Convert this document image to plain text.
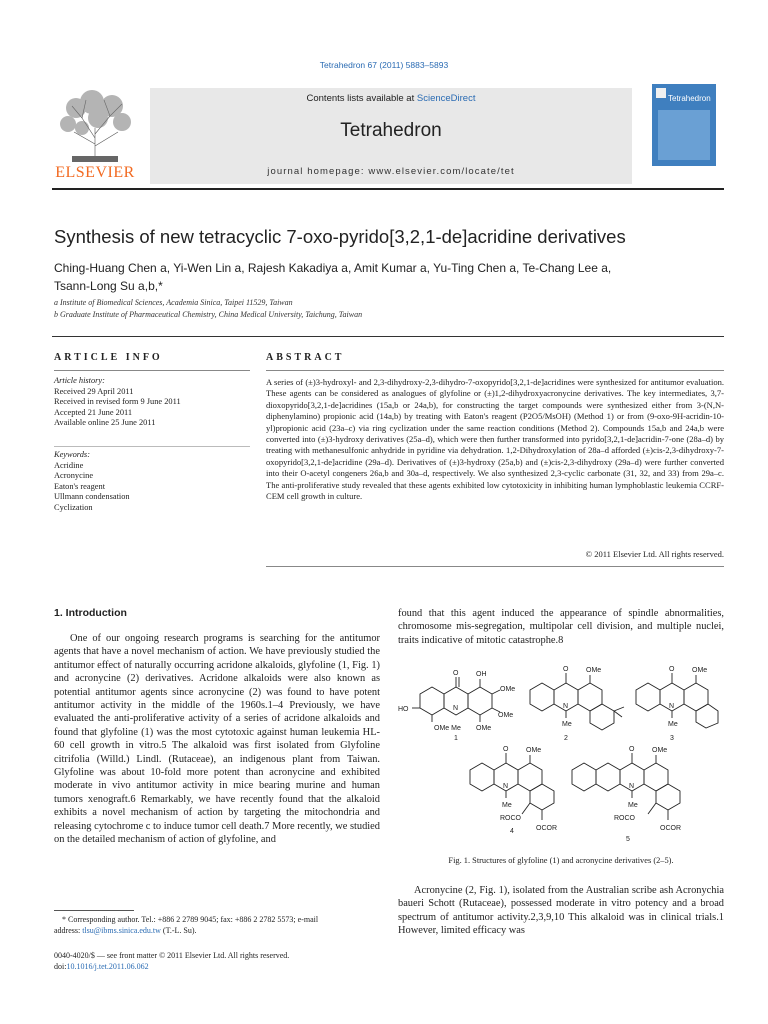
Tetrahedron 67 (2011) 5883–5893
ELSEVIER
Contents lists available at ScienceDirect
Tetrahedron
journal homepage: www.elsevier.com/locate/tet
Tetrahedron
Synthesis of new tetracyclic 7-oxo-pyrido[3,2,1-de]acridine derivatives
Ching-Huang Chen a, Yi-Wen Lin a, Rajesh Kakadiya a, Amit Kumar a, Yu-Ting Chen a, Te-Chang Lee a,
Tsann-Long Su a,b,*
a Institute of Biomedical Sciences, Academia Sinica, Taipei 11529, Taiwan
b Graduate Institute of Pharmaceutical Chemistry, China Medical University, Taichung, Taiwan
ARTICLE INFO
Article history:
Received 29 April 2011
Received in revised form 9 June 2011
Accepted 21 June 2011
Available online 25 June 2011
Keywords:
Acridine
Acronycine
Eaton's reagent
Ullmann condensation
Cyclization
ABSTRACT
A series of (±)3-hydroxyl- and 2,3-dihydroxy-2,3-dihydro-7-oxopyrido[3,2,1-de]acridines were synthesized for antitumor evaluation. These agents can be considered as analogues of glyfoline or (±)1,2-dihydroxyacronycine derivatives. The key intermediates, 3,7-dioxopyrido[3,2,1-de]acridines (15a,b or 24a,b), for constructing the target compounds were synthesized either from 3-(N,N-diphenylamino) propionic acid (14a,b) by treating with Eaton's reagent (P2O5/MsOH) (Method 1) or from (9-oxo-9H-acridin-10-yl)propionic acid (23a–c) via ring cyclization under the same reaction conditions (Method 2). Compounds 15a,b and 24a,b were converted into (±)3-hydroxy derivatives (25a–d), which were then further transformed into pyrido[3,2,1-de]acridin-7-one (28a–d) by treating with methanesulfonic anhydride in pyridine via dehydration. 1,2-Dihydroxylation of 28a–d afforded (±)cis-2,3-dihydroxy-7-oxopyrido[3,2,1-de]acridine (29a–d). Derivatives of (±)3-hydroxy (25a,b) and (±)cis-2,3-dihydroxy (29a–d) were further converted into their O-acetyl congeners 26a,b and 30a–d, respectively. We also synthesized 2,3-cyclic carbonate (31, 32, and 33) from 29a–c. The anti-proliferative study revealed that these agents exhibited low cytotoxicity in inhibiting human lymphoblastic leukemia CCRF-CEM cell growth in culture.
© 2011 Elsevier Ltd. All rights reserved.
1. Introduction
One of our ongoing research programs is searching for the antitumor agents that have a novel mechanism of action. We have previously studied the antitumor effect of naturally occurring acridone alkaloids, glyfoline (1, Fig. 1) and acronycine (2) derivatives. Acridone alkaloids were also known as potential antitumor agents since acronycine (2) was found to have potent antitumor activity in the middle of the 1960s.1–4 Previously, we have evaluated the anti-proliferative activity of a series of acridone alkaloids and found that glyfoline (1) was the most cytotoxic against human leukemia HL-60 cell growth in vitro.5 The alkaloid was first isolated from Glyfoline citrifolia (Willd.) Lindl. (Rutaceae), an indigenous plant from Taiwan. Glyfoline was about 10-fold more potent than acronycine and exhibited moderate in vivo antitumor activity in mice bearing murine and human tumors xenograft.6 Remarkably, we have recently found that the alkaloid exhibits a novel mechanism of action by targeting the mitochondria and releasing cytochrome c to induce tumor cell death.7 More recently, we studied on the detailed mechanism of action of glyfoline, and
found that this agent induced the appearance of spindle abnormalities, chromosome mis-segregation, multipolar cell division, and multiple nuclei, traits indicative of mitotic catastrophe.8
O	OH
OMe
OMe
OMe
N
OMe Me
HO
1
O	OMe
N
Me
2
O	OMe
N
Me
3
O	OMe
N
Me
ROCO
OCOR
4
O	OMe
N
Me
ROCO
OCOR
5
Fig. 1. Structures of glyfoline (1) and acronycine derivatives (2–5).
Acronycine (2, Fig. 1), isolated from the Australian scribe ash Acronychia baueri Schott (Rutaceae), possessed moderate in vitro potency and a broad spectrum of antitumor activity.2,3,9,10 This alkaloid was in clinical trials.1 However, limited efficacy was
* Corresponding author. Tel.: +886 2 2789 9045; fax: +886 2 2782 5573; e-mail
address: tlsu@ibms.sinica.edu.tw (T.-L. Su).
0040-4020/$ — see front matter © 2011 Elsevier Ltd. All rights reserved.
doi:10.1016/j.tet.2011.06.062
